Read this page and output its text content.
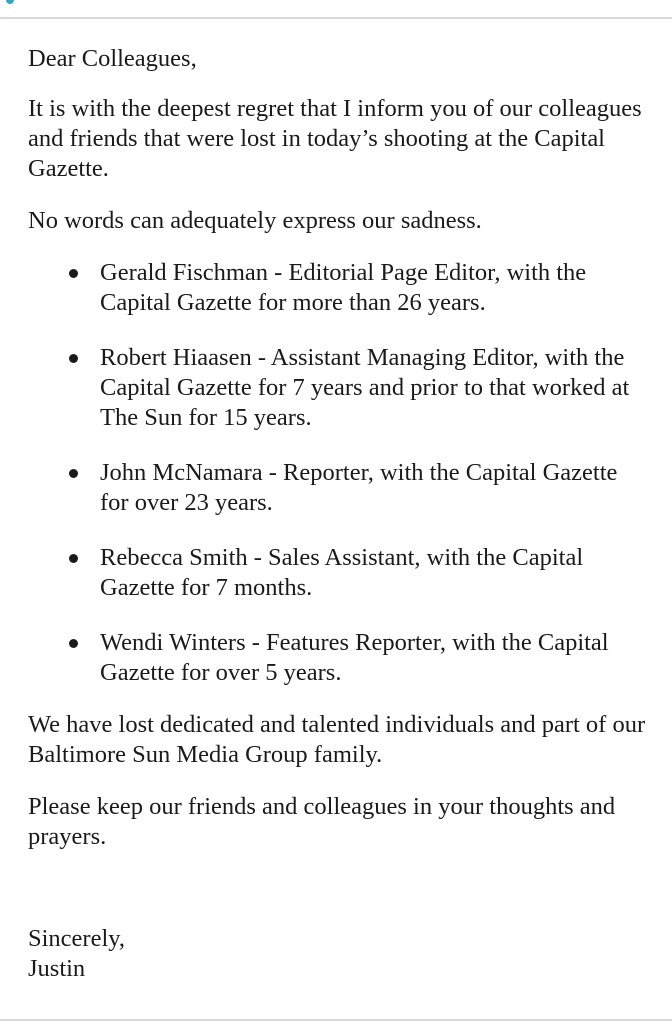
Dear Colleagues,

It is with the deepest regret that I inform you of our colleagues and friends that were lost in today’s shooting at the Capital Gazette.

No words can adequately express our sadness.

Gerald Fischman - Editorial Page Editor, with the Capital Gazette for more than 26 years.
Robert Hiaasen - Assistant Managing Editor, with the Capital Gazette for 7 years and prior to that worked at The Sun for 15 years.
John McNamara - Reporter, with the Capital Gazette for over 23 years.
Rebecca Smith - Sales Assistant, with the Capital Gazette for 7 months.
Wendi Winters - Features Reporter, with the Capital Gazette for over 5 years.

We have lost dedicated and talented individuals and part of our Baltimore Sun Media Group family.

Please keep our friends and colleagues in your thoughts and prayers.

Sincerely,

Justin
